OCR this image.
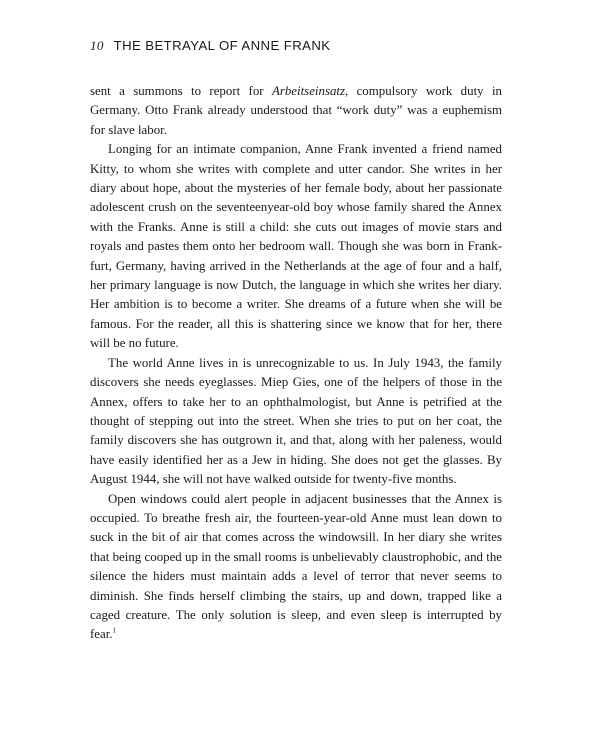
10 THE BETRAYAL OF ANNE FRANK

sent a summons to report for Arbeitseinsatz, compulsory work duty in Germany. Otto Frank already understood that “work duty” was a euphemism for slave labor.

Longing for an intimate companion, Anne Frank invented a friend named Kitty, to whom she writes with complete and utter candor. She writes in her diary about hope, about the mysteries of her female body, about her passionate adolescent crush on the seventeenyear-old boy whose family shared the Annex with the Franks. Anne is still a child: she cuts out images of movie stars and royals and pastes them onto her bedroom wall. Though she was born in Frankfurt, Germany, having arrived in the Netherlands at the age of four and a half, her primary language is now Dutch, the language in which she writes her diary. Her ambition is to become a writer. She dreams of a future when she will be famous. For the reader, all this is shattering since we know that for her, there will be no future.

The world Anne lives in is unrecognizable to us. In July 1943, the family discovers she needs eyeglasses. Miep Gies, one of the helpers of those in the Annex, offers to take her to an ophthalmologist, but Anne is petrified at the thought of stepping out into the street. When she tries to put on her coat, the family discovers she has outgrown it, and that, along with her paleness, would have easily identified her as a Jew in hiding. She does not get the glasses. By August 1944, she will not have walked outside for twenty-five months.

Open windows could alert people in adjacent businesses that the Annex is occupied. To breathe fresh air, the fourteen-year-old Anne must lean down to suck in the bit of air that comes across the windowsill. In her diary she writes that being cooped up in the small rooms is unbelievably claustrophobic, and the silence the hiders must maintain adds a level of terror that never seems to diminish. She finds herself climbing the stairs, up and down, trapped like a caged creature. The only solution is sleep, and even sleep is interrupted by fear.$^1$
